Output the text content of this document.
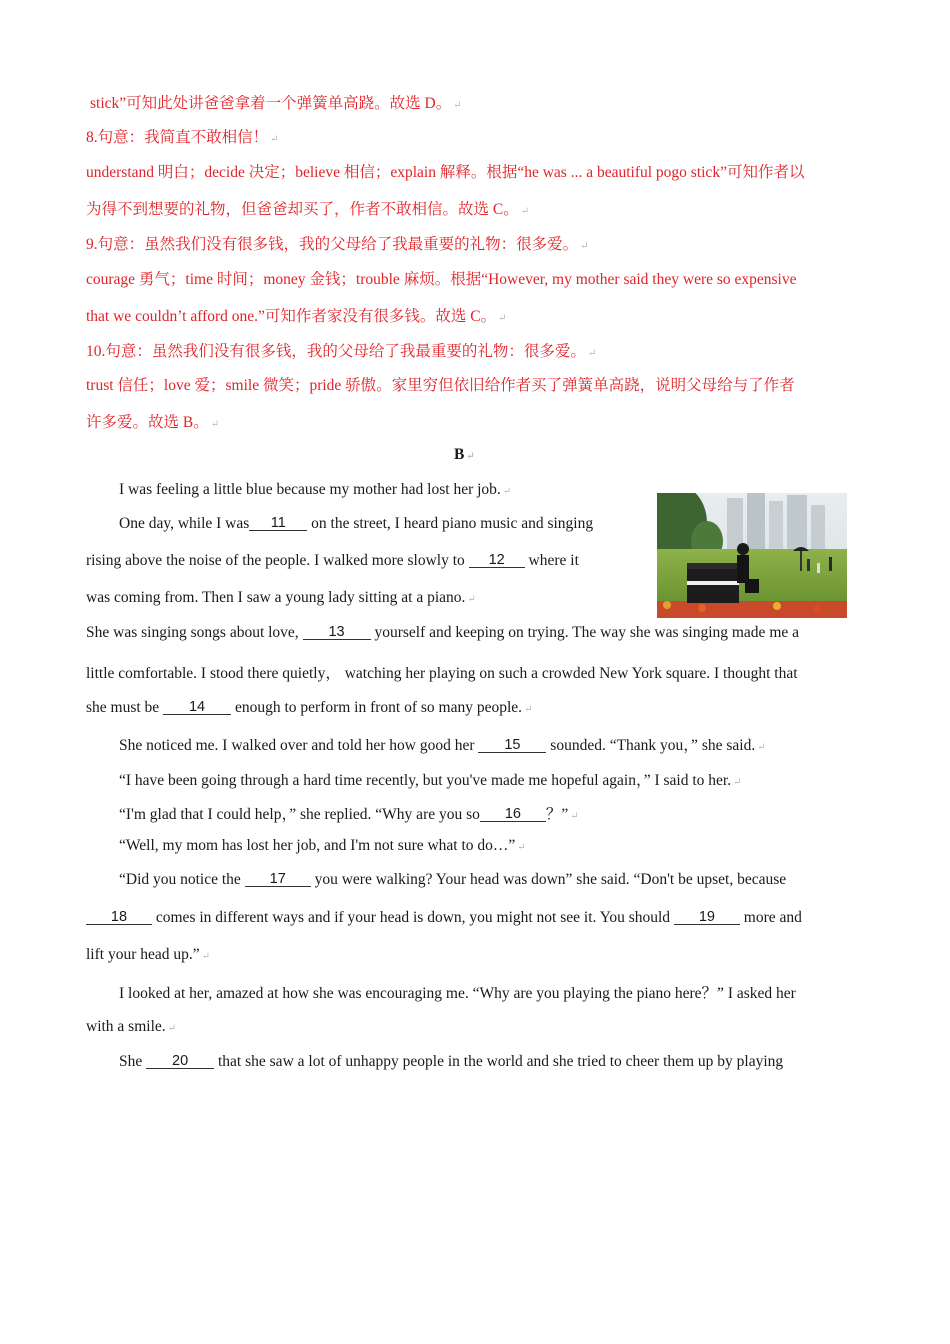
stick”可知此处讲爸爸拿着一个弹簧单高跷。故选 D。 ↵
8.句意：我简直不敢相信！ ↵
understand 明白；decide 决定；believe 相信；explain 解释。根据“he was ... a beautiful pogo stick”可知作者以
为得不到想要的礼物，但爸爸却买了，作者不敢相信。故选 C。 ↵
9.句意：虽然我们没有很多钱，我的父母给了我最重要的礼物：很多爱。 ↵
courage 勇气；time 时间；money 金钱；trouble 麻烦。根据“However, my mother said they were so expensive
that we couldn’t afford one.”可知作者家没有很多钱。故选 C。 ↵
10.句意：虽然我们没有很多钱，我的父母给了我最重要的礼物：很多爱。 ↵
trust 信任；love 爱；smile 微笑；pride 骄傲。家里穷但依旧给作者买了弹簧单高跷，说明父母给与了作者
许多爱。故选 B。 ↵
B ↵
I was feeling a little blue because my mother had lost her job. ↵
One day, while I was 11 on the street, I heard piano music and singing
rising above the noise of the people. I walked more slowly to 12 where it
was coming from. Then I saw a young lady sitting at a piano. ↵
She was singing songs about love, 13 yourself and keeping on trying. The way she was singing made me a
little comfortable. I stood there quietly， watching her playing on such a crowded New York square. I thought that
she must be 14 enough to perform in front of so many people. ↵
She noticed me. I walked over and told her how good her 15 sounded. “Thank you，” she said. ↵
“I have been going through a hard time recently, but you've made me hopeful again，” I said to her. ↵
“I'm glad that I could help，” she replied. “Why are you so 16 ？” ↵
“Well, my mom has lost her job, and I'm not sure what to do…” ↵
“Did you notice the 17 you were walking? Your head was down” she said. “Don't be upset, because
18 comes in different ways and if your head is down, you might not see it. You should 19 more and
lift your head up.” ↵
I looked at her, amazed at how she was encouraging me. “Why are you playing the piano here？” I asked her
with a smile. ↵
She 20 that she saw a lot of unhappy people in the world and she tried to cheer them up by playing
